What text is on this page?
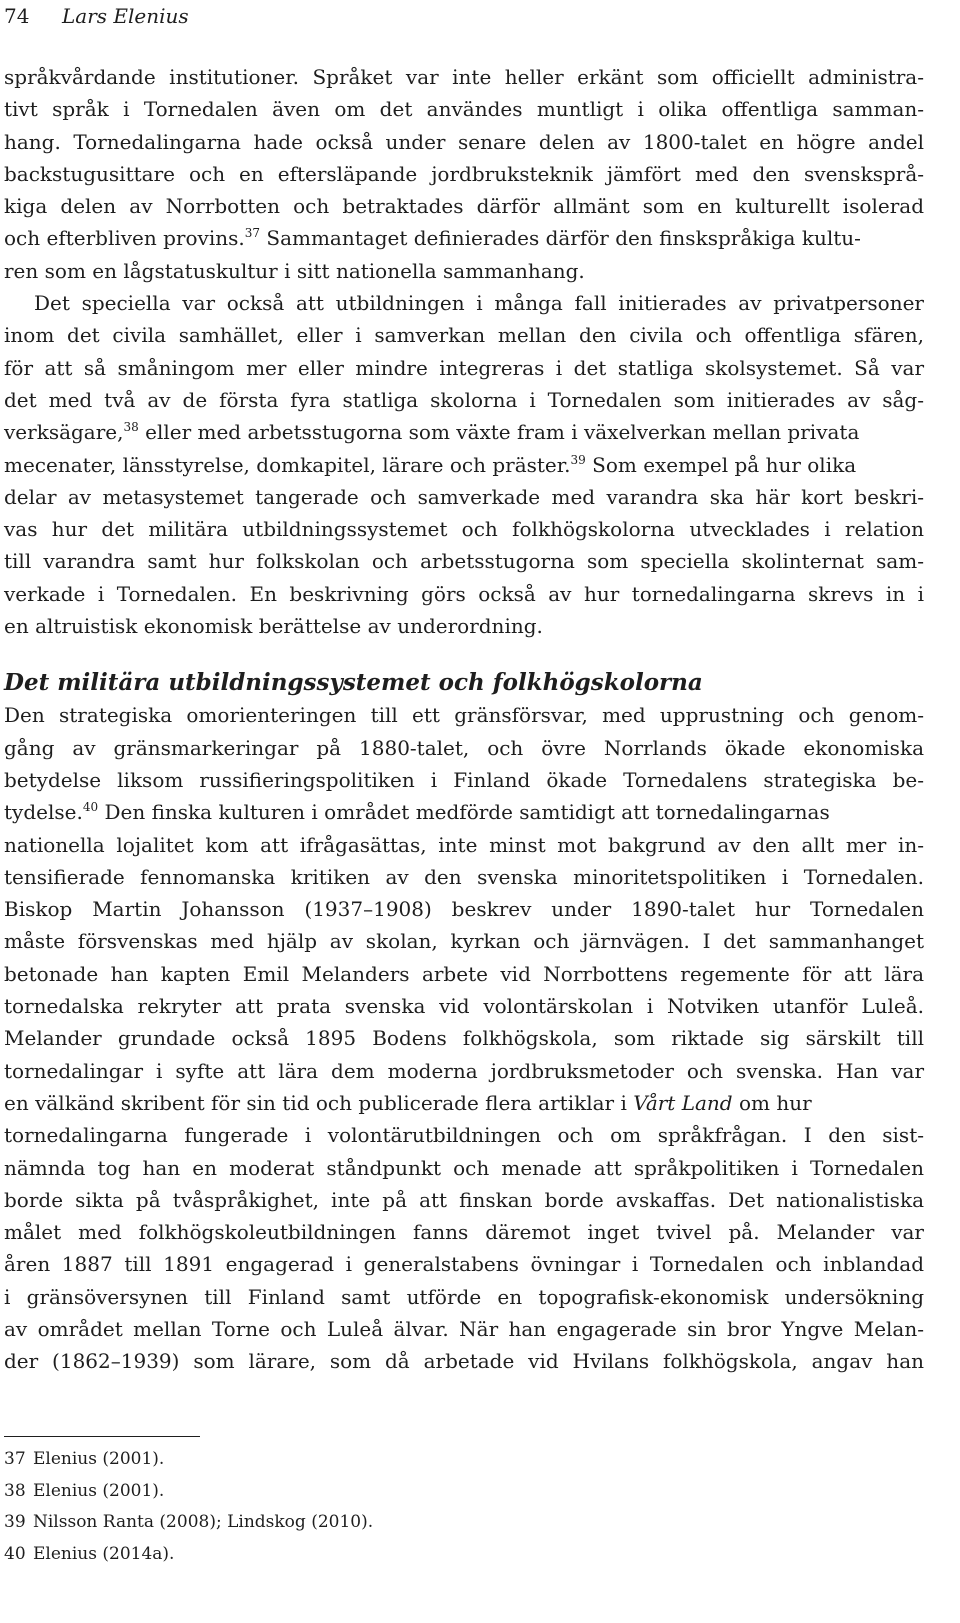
74 Lars Elenius
språkvårdande institutioner. Språket var inte heller erkänt som officiellt administra-
tivt språk i Tornedalen även om det användes muntligt i olika offentliga samman-
hang. Tornedalingarna hade också under senare delen av 1800-talet en högre andel
backstugusittare och en eftersläpande jordbruksteknik jämfört med den svensksprå-
kiga delen av Norrbotten och betraktades därför allmänt som en kulturellt isolerad
och efterbliven provins.$^{37}$ Sammantaget definierades därför den finskspråkiga kultu-
ren som en lågstatuskultur i sitt nationella sammanhang.
Det speciella var också att utbildningen i många fall initierades av privatpersoner
inom det civila samhället, eller i samverkan mellan den civila och offentliga sfären,
för att så småningom mer eller mindre integreras i det statliga skolsystemet. Så var
det med två av de första fyra statliga skolorna i Tornedalen som initierades av såg-
verksägare,$^{38}$ eller med arbetsstugorna som växte fram i växelverkan mellan privata
mecenater, länsstyrelse, domkapitel, lärare och präster.$^{39}$ Som exempel på hur olika
delar av metasystemet tangerade och samverkade med varandra ska här kort beskri-
vas hur det militära utbildningssystemet och folkhögskolorna utvecklades i relation
till varandra samt hur folkskolan och arbetsstugorna som speciella skolinternat sam-
verkade i Tornedalen. En beskrivning görs också av hur tornedalingarna skrevs in i
en altruistisk ekonomisk berättelse av underordning.
Det militära utbildningssystemet och folkhögskolorna
Den strategiska omorienteringen till ett gränsförsvar, med upprustning och genom-
gång av gränsmarkeringar på 1880-talet, och övre Norrlands ökade ekonomiska
betydelse liksom russifieringspolitiken i Finland ökade Tornedalens strategiska be-
tydelse.$^{40}$ Den finska kulturen i området medförde samtidigt att tornedalingarnas
nationella lojalitet kom att ifrågasättas, inte minst mot bakgrund av den allt mer in-
tensifierade fennomanska kritiken av den svenska minoritetspolitiken i Tornedalen.
Biskop Martin Johansson (1937–1908) beskrev under 1890-talet hur Tornedalen
måste försvenskas med hjälp av skolan, kyrkan och järnvägen. I det sammanhanget
betonade han kapten Emil Melanders arbete vid Norrbottens regemente för att lära
tornedalska rekryter att prata svenska vid volontärskolan i Notviken utanför Luleå.
Melander grundade också 1895 Bodens folkhögskola, som riktade sig särskilt till
tornedalingar i syfte att lära dem moderna jordbruksmetoder och svenska. Han var
en välkänd skribent för sin tid och publicerade flera artiklar i Vårt Land om hur
tornedalingarna fungerade i volontärutbildningen och om språkfrågan. I den sist-
nämnda tog han en moderat ståndpunkt och menade att språkpolitiken i Tornedalen
borde sikta på tvåspråkighet, inte på att finskan borde avskaffas. Det nationalistiska
målet med folkhögskoleutbildningen fanns däremot inget tvivel på. Melander var
åren 1887 till 1891 engagerad i generalstabens övningar i Tornedalen och inblandad
i gränsöversynen till Finland samt utförde en topografisk-ekonomisk undersökning
av området mellan Torne och Luleå älvar. När han engagerade sin bror Yngve Melan-
der (1862–1939) som lärare, som då arbetade vid Hvilans folkhögskola, angav han
37 Elenius (2001).
38 Elenius (2001).
39 Nilsson Ranta (2008); Lindskog (2010).
40 Elenius (2014a).
